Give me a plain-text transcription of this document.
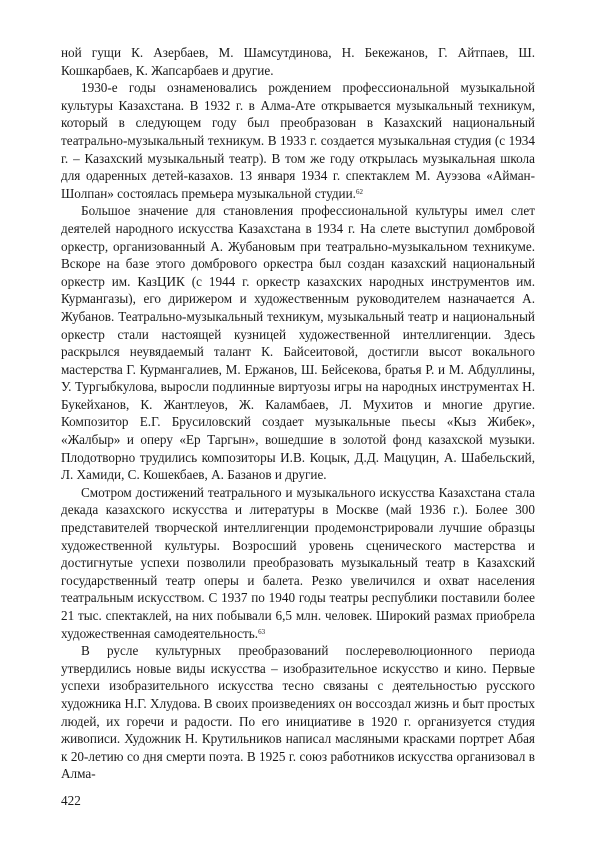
ной гущи К. Азербаев, М. Шамсутдинова, Н. Бекежанов, Г. Айтпаев, Ш. Кошкарбаев, К. Жапсарбаев и другие.

1930-е годы ознаменовались рождением профессиональной музыкальной культуры Казахстана. В 1932 г. в Алма-Ате открывается музыкальный техникум, который в следующем году был преобразован в Казахский национальный театрально-музыкальный техникум. В 1933 г. создается музыкальная студия (с 1934 г. – Казахский музыкальный театр). В том же году открылась музыкальная школа для одаренных детей-казахов. 13 января 1934 г. спектаклем М. Ауэзова «Айман-Шолпан» состоялась премьера музыкальной студии.$^{62}$

Большое значение для становления профессиональной культуры имел слет деятелей народного искусства Казахстана в 1934 г. На слете выступил домбровой оркестр, организованный А. Жубановым при театрально-музыкальном техникуме. Вскоре на базе этого домбрового оркестра был создан казахский национальный оркестр им. КазЦИК (с 1944 г. оркестр казахских народных инструментов им. Курмангазы), его дирижером и художественным руководителем назначается А. Жубанов. Театрально-музыкальный техникум, музыкальный театр и национальный оркестр стали настоящей кузницей художественной интеллигенции. Здесь раскрылся неувядаемый талант К. Байсеитовой, достигли высот вокального мастерства Г. Курмангалиев, М. Ержанов, Ш. Бейсекова, братья Р. и М. Абдуллины, У. Тургыбкулова, выросли подлинные виртуозы игры на народных инструментах Н. Букейханов, К. Жантлеуов, Ж. Каламбаев, Л. Мухитов и многие другие. Композитор Е.Г. Брусиловский создает музыкальные пьесы «Кыз Жибек», «Жалбыр» и оперу «Ер Таргын», вошедшие в золотой фонд казахской музыки. Плодотворно трудились композиторы И.В. Коцык, Д.Д. Мацуцин, А. Шабельский, Л. Хамиди, С. Кошекбаев, А. Базанов и другие.

Смотром достижений театрального и музыкального искусства Казахстана стала декада казахского искусства и литературы в Москве (май 1936 г.). Более 300 представителей творческой интеллигенции продемонстрировали лучшие образцы художественной культуры. Возросший уровень сценического мастерства и достигнутые успехи позволили преобразовать музыкальный театр в Казахский государственный театр оперы и балета. Резко увеличился и охват населения театральным искусством. С 1937 по 1940 годы театры республики поставили более 21 тыс. спектаклей, на них побывали 6,5 млн. человек. Широкий размах приобрела художественная самодеятельность.$^{63}$

В русле культурных преобразований послереволюционного периода утвердились новые виды искусства – изобразительное искусство и кино. Первые успехи изобразительного искусства тесно связаны с деятельностью русского художника Н.Г. Хлудова. В своих произведениях он воссоздал жизнь и быт простых людей, их горечи и радости. По его инициативе в 1920 г. организуется студия живописи. Художник Н. Крутильников написал масляными красками портрет Абая к 20-летию со дня смерти поэта. В 1925 г. союз работников искусства организовал в Алма-

422
